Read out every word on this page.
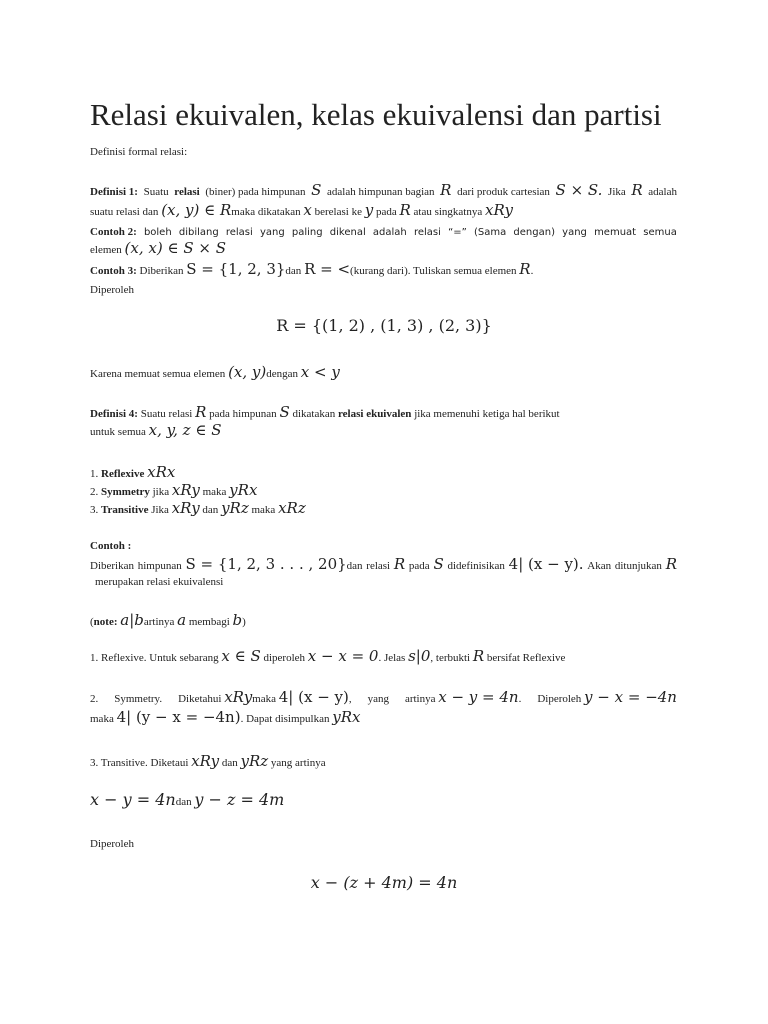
Relasi ekuivalen, kelas ekuivalensi dan partisi
Definisi formal relasi:
Definisi 1: Suatu relasi (biner) pada himpunan S adalah himpunan bagian R dari produk cartesian S × S. Jika R adalah
suatu relasi dan (x, y) ∈ Rmaka dikatakan x berelasi ke y pada R atau singkatnya xRy
Contoh 2: boleh dibilang relasi yang paling dikenal adalah relasi “=” (Sama dengan) yang memuat semua
elemen (x, x) ∈ S × S
Contoh 3: Diberikan S = {1, 2, 3}dan R = <(kurang dari). Tuliskan semua elemen R.
Diperoleh
R = {(1, 2) , (1, 3) , (2, 3)}
Karena memuat semua elemen (x, y)dengan x < y
Definisi 4: Suatu relasi R pada himpunan S dikatakan relasi ekuivalen jika memenuhi ketiga hal berikut
untuk semua x, y, z ∈ S
1. Reflexive xRx
2. Symmetry jika xRy maka yRx
3. Transitive Jika xRy dan yRz maka xRz
Contoh :
Diberikan himpunan S = {1, 2, 3 . . . , 20}dan relasi R pada S didefinisikan 4| (x − y). Akan ditunjukan R
merupakan relasi ekuivalensi
(note: a|bartinya a membagi b)
1. Reflexive. Untuk sebarang x ∈ S diperoleh x − x = 0. Jelas s|0, terbukti R bersifat Reflexive
2. Symmetry. Diketahui xRymaka 4| (x − y), yang artinya x − y = 4n. Diperoleh y − x = −4n
maka 4| (y − x = −4n). Dapat disimpulkan yRx
3. Transitive. Diketaui xRy dan yRz yang artinya
x − y = 4ndan y − z = 4m
Diperoleh
x − (z + 4m) = 4n
